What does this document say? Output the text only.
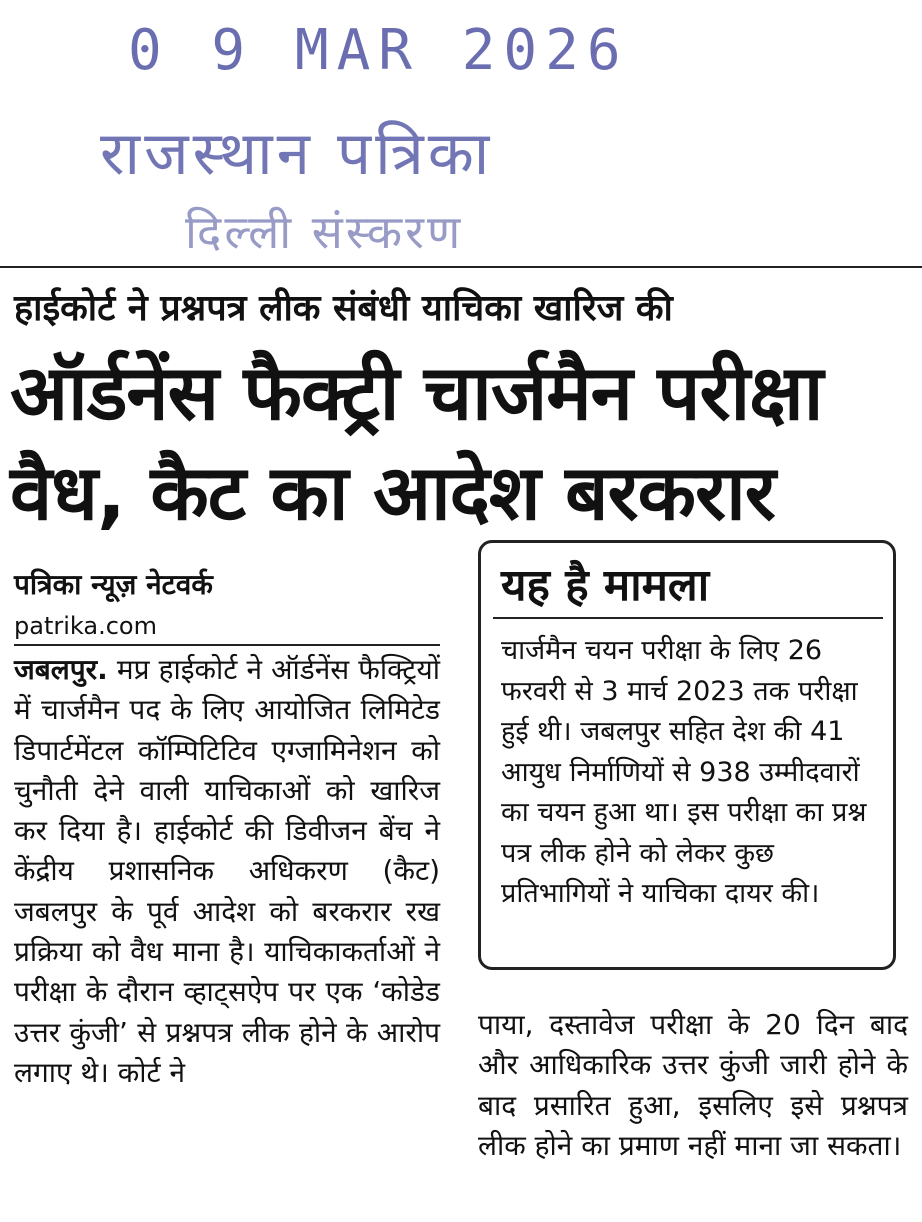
0 9 MAR 2026
राजस्थान पत्रिका
दिल्ली संस्करण
हाईकोर्ट ने प्रश्नपत्र लीक संबंधी याचिका खारिज की
ऑर्डनेंस फैक्ट्री चार्जमैन परीक्षा
वैध, कैट का आदेश बरकरार
पत्रिका न्यूज़ नेटवर्क
patrika.com
जबलपुर. मप्र हाईकोर्ट ने ऑर्डनेंस फैक्ट्रियों में चार्जमैन पद के लिए आयोजित लिमिटेड डिपार्टमेंटल कॉम्पिटिटिव एग्जामिनेशन को चुनौती देने वाली याचिकाओं को खारिज कर दिया है। हाईकोर्ट की डिवीजन बेंच ने केंद्रीय प्रशासनिक अधिकरण (कैट) जबलपुर के पूर्व आदेश को बरकरार रख प्रक्रिया को वैध माना है। याचिकाकर्ताओं ने परीक्षा के दौरान व्हाट्सऐप पर एक ‘कोडेड उत्तर कुंजी’ से प्रश्नपत्र लीक होने के आरोप लगाए थे। कोर्ट ने
यह है मामला
चार्जमैन चयन परीक्षा के लिए 26 फरवरी से 3 मार्च 2023 तक परीक्षा हुई थी। जबलपुर सहित देश की 41 आयुध निर्माणियों से 938 उम्मीदवारों का चयन हुआ था। इस परीक्षा का प्रश्न पत्र लीक होने को लेकर कुछ प्रतिभागियों ने याचिका दायर की।
पाया, दस्तावेज परीक्षा के 20 दिन बाद और आधिकारिक उत्तर कुंजी जारी होने के बाद प्रसारित हुआ, इसलिए इसे प्रश्नपत्र लीक होने का प्रमाण नहीं माना जा सकता।
